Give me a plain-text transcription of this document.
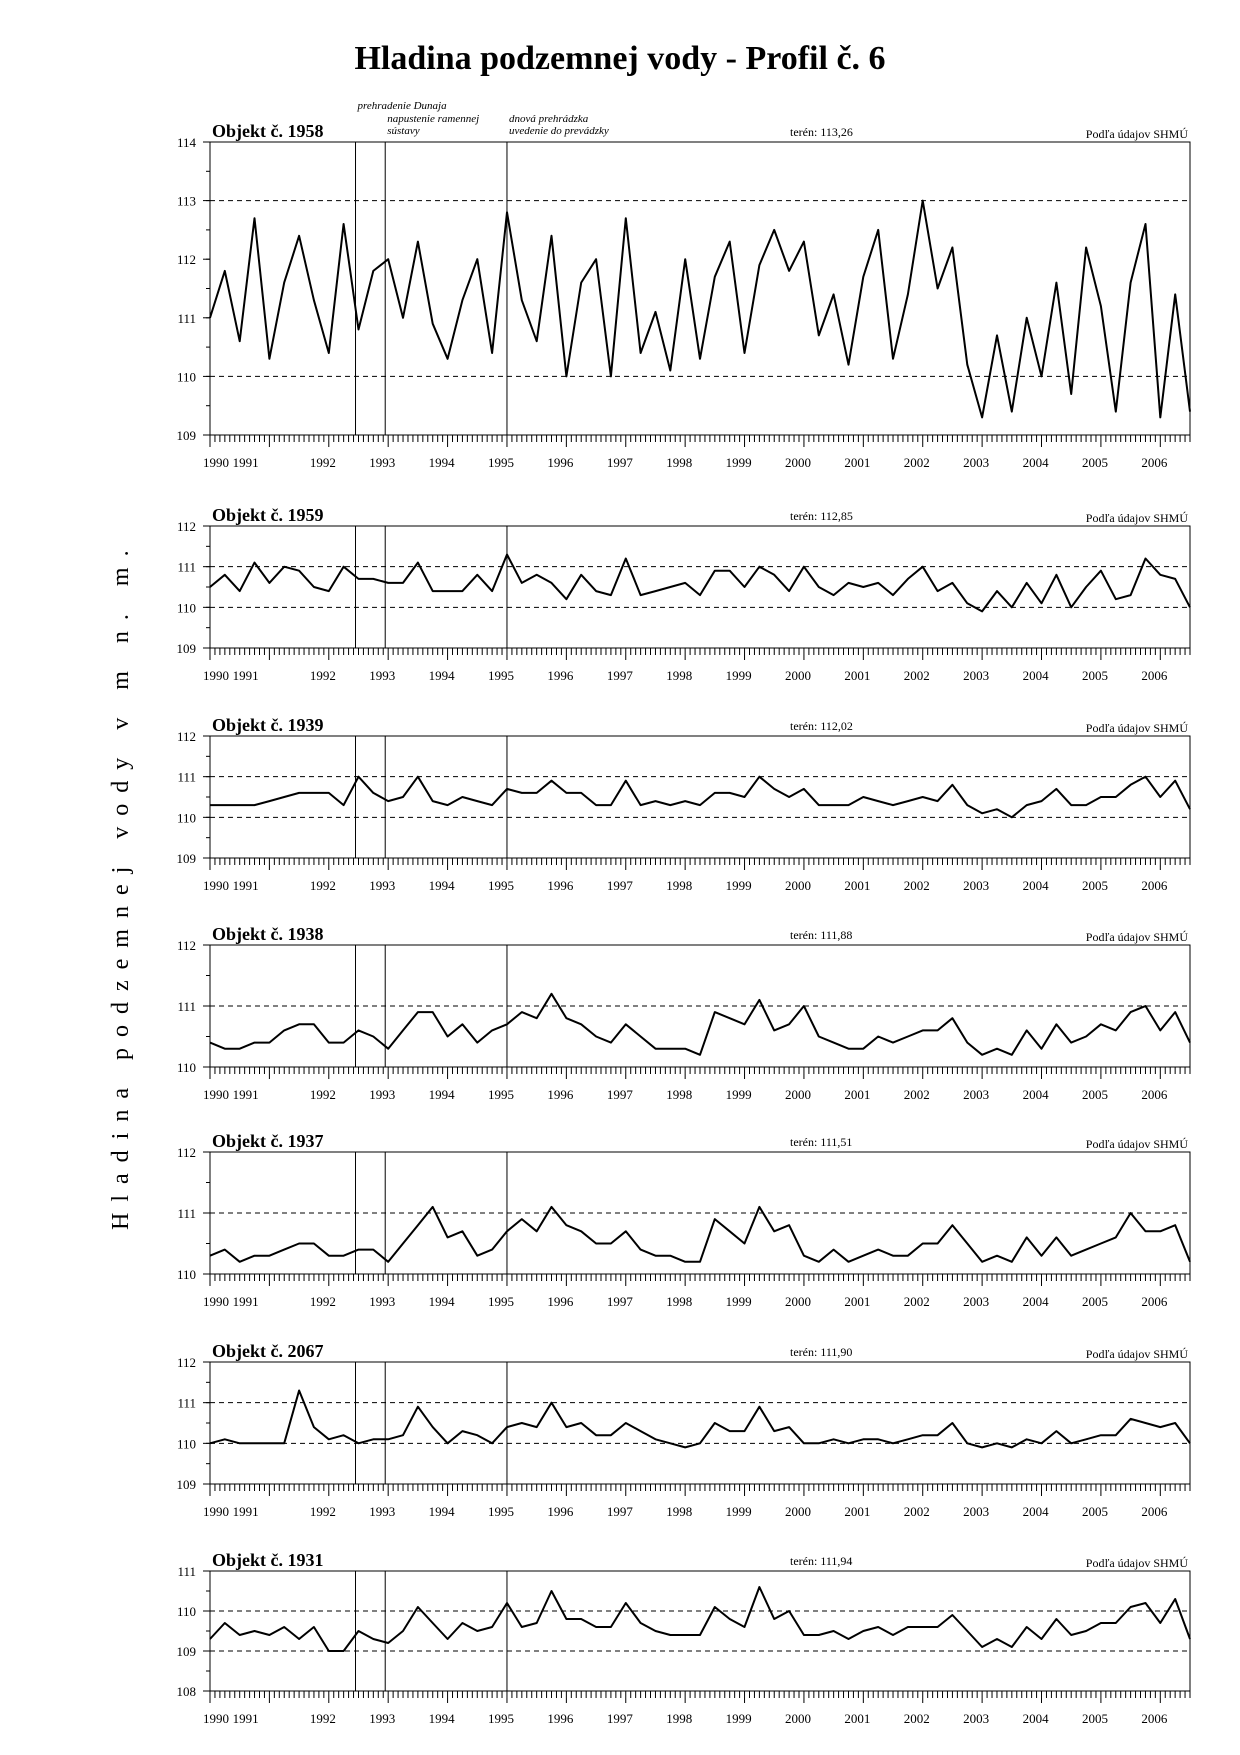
Hladina podzemnej vody - Profil č. 6
Hladina podzemnej vody v m n. m.
prehradenie Dunaja
napustenie ramennej
sústavy
dnová prehrádzka
uvedenie do prevádzky
109
110
111
112
113
114
1990 1991	1992	1993	1994	1995	1996	1997	1998	1999	2000	2001	2002	2003	2004	2005	2006
Objekt č. 1958	terén: 113,26	Podľa údajov SHMÚ
109
110
111
112
1990 1991	1992	1993	1994	1995	1996	1997	1998	1999	2000	2001	2002	2003	2004	2005	2006
Objekt č. 1959	terén: 112,85	Podľa údajov SHMÚ
109
110
111
112
1990 1991	1992	1993	1994	1995	1996	1997	1998	1999	2000	2001	2002	2003	2004	2005	2006
Objekt č. 1939	terén: 112,02	Podľa údajov SHMÚ
110
111
112
1990 1991	1992	1993	1994	1995	1996	1997	1998	1999	2000	2001	2002	2003	2004	2005	2006
Objekt č. 1938	terén: 111,88	Podľa údajov SHMÚ
110
111
112
1990 1991	1992	1993	1994	1995	1996	1997	1998	1999	2000	2001	2002	2003	2004	2005	2006
Objekt č. 1937	terén: 111,51	Podľa údajov SHMÚ
109
110
111
112
1990 1991	1992	1993	1994	1995	1996	1997	1998	1999	2000	2001	2002	2003	2004	2005	2006
Objekt č. 2067	terén: 111,90	Podľa údajov SHMÚ
108
109
110
111
1990 1991	1992	1993	1994	1995	1996	1997	1998	1999	2000	2001	2002	2003	2004	2005	2006
Objekt č. 1931	terén: 111,94	Podľa údajov SHMÚ
